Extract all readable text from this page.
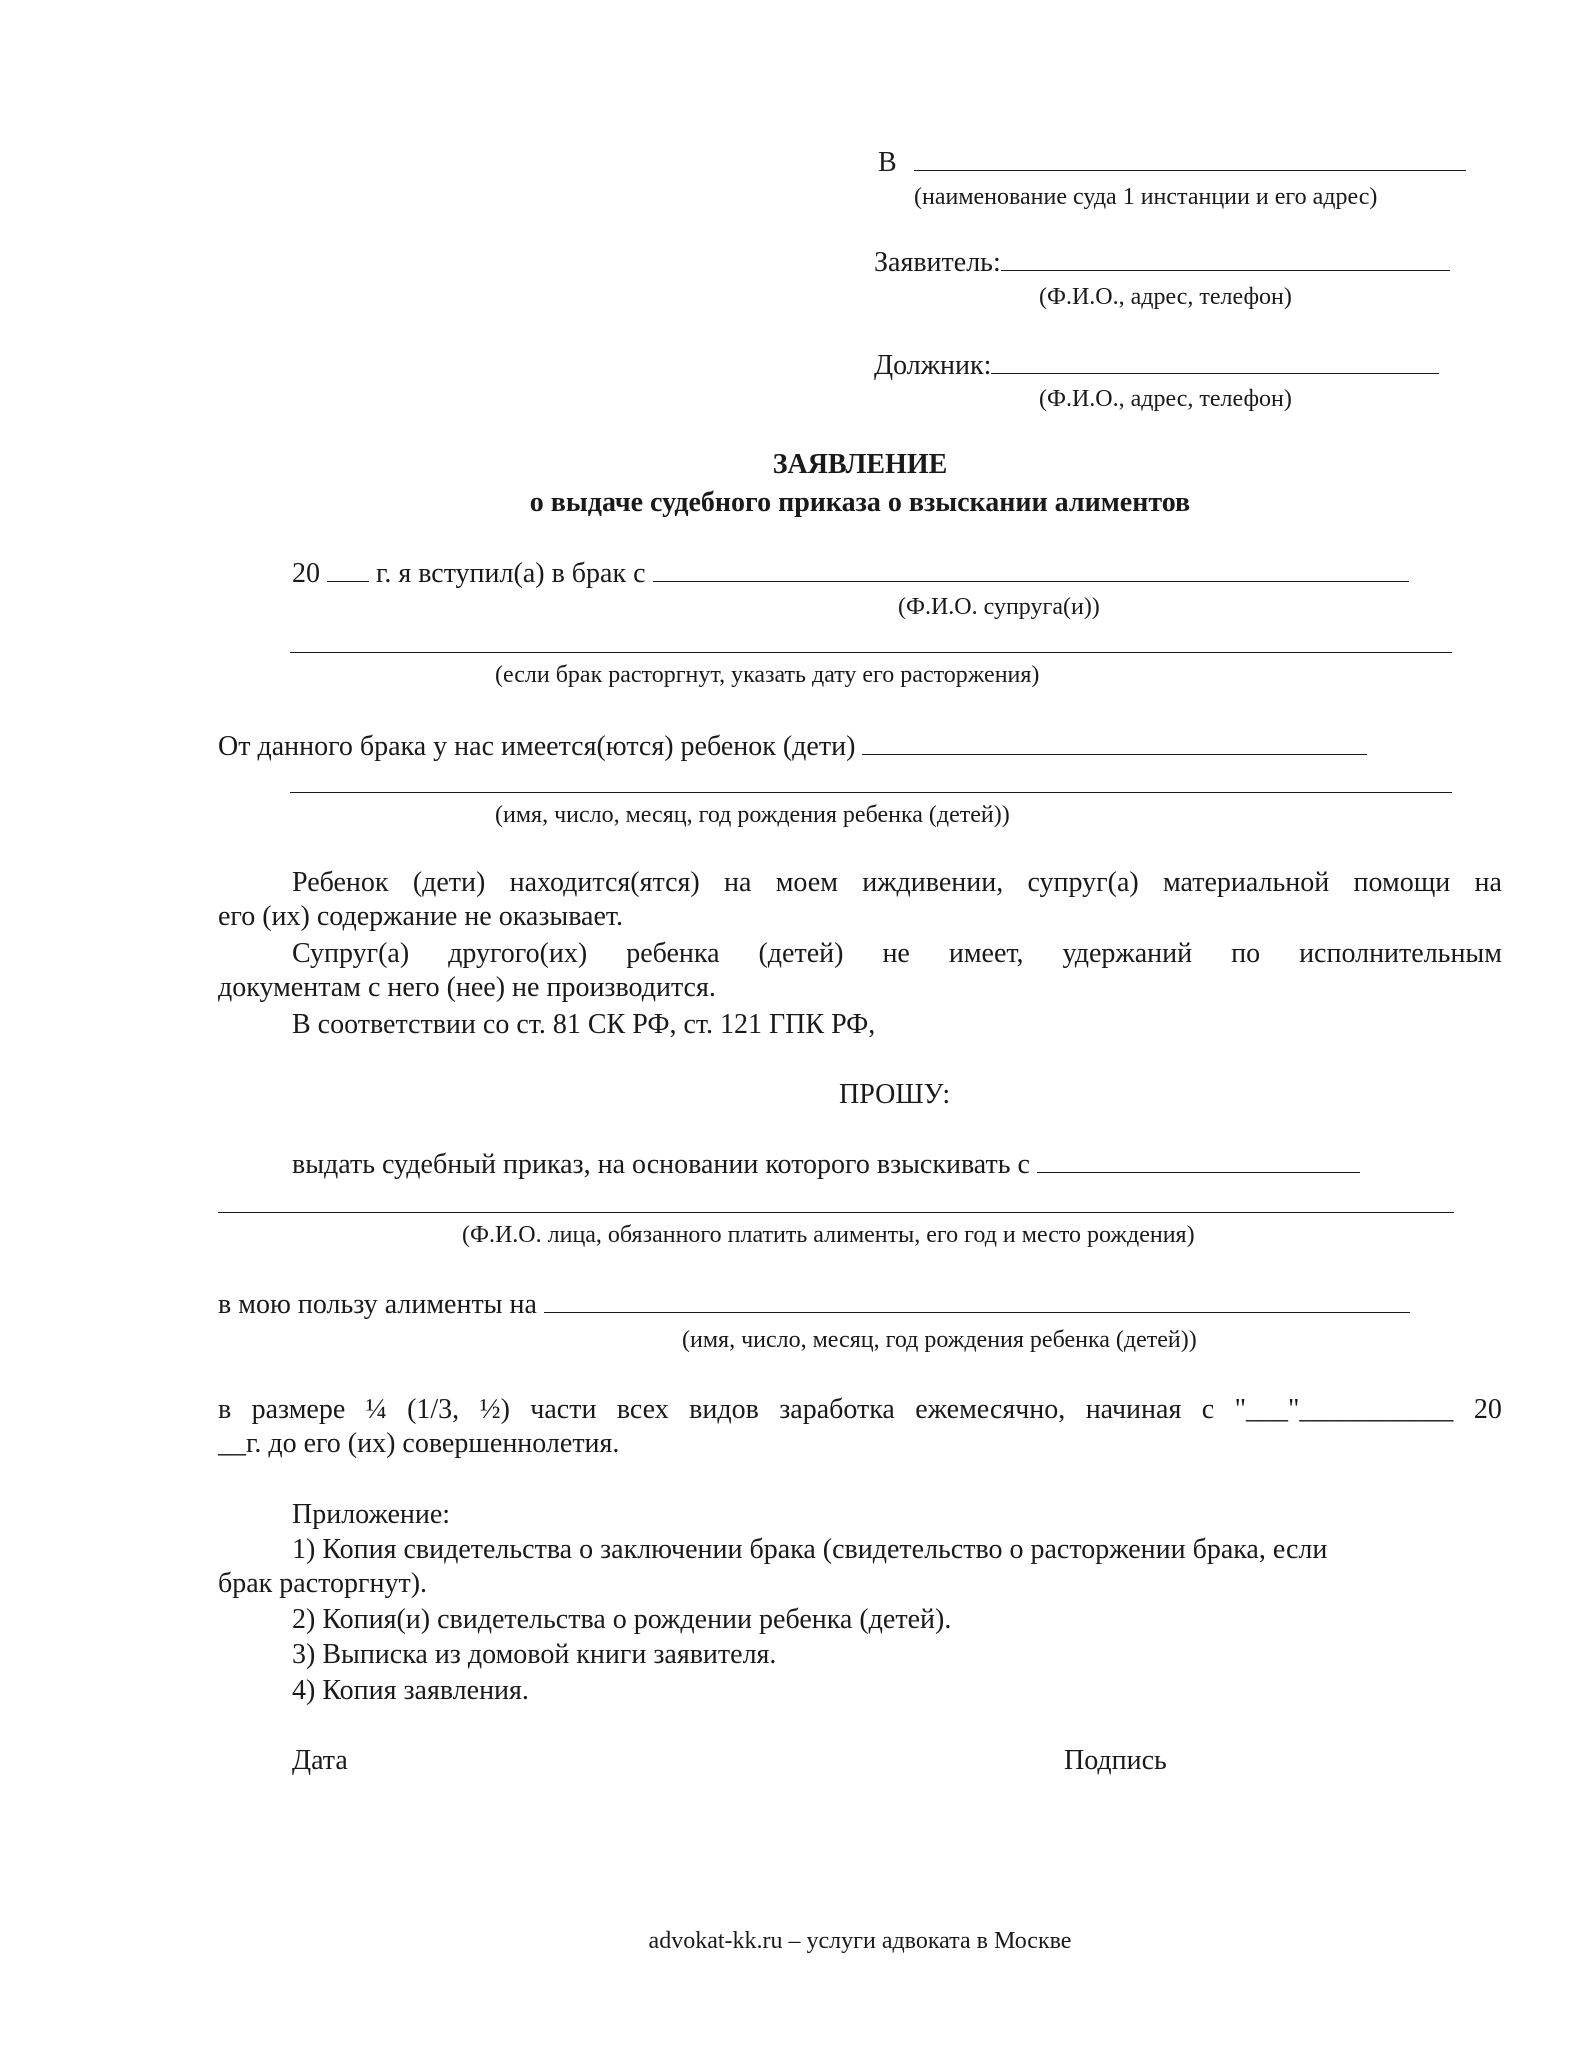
В
(наименование суда 1 инстанции и его адрес)
Заявитель:
(Ф.И.О., адрес, телефон)
Должник:
(Ф.И.О., адрес, телефон)
ЗАЯВЛЕНИЕ
о выдаче судебного приказа о взыскании алиментов
20 г. я вступил(а) в брак с
(Ф.И.О. супруга(и))
(если брак расторгнут, указать дату его расторжения)
От данного брака у нас имеется(ются) ребенок (дети)
(имя, число, месяц, год рождения ребенка (детей))
Ребенок (дети) находится(ятся) на моем иждивении, супруг(а) материальной помощи на
его (их) содержание не оказывает.
Супруг(а) другого(их) ребенка (детей) не имеет, удержаний по исполнительным
документам с него (нее) не производится.
В соответствии со ст. 81 СК РФ, ст. 121 ГПК РФ,
ПРОШУ:
выдать судебный приказ, на основании которого взыскивать с
(Ф.И.О. лица, обязанного платить алименты, его год и место рождения)
в мою пользу алименты на
(имя, число, месяц, год рождения ребенка (детей))
в размере ¼ (1/3, ½) части всех видов заработка ежемесячно, начиная с "___"___________ 20
__г. до его (их) совершеннолетия.
Приложение:
1) Копия свидетельства о заключении брака (свидетельство о расторжении брака, если
брак расторгнут).
2) Копия(и) свидетельства о рождении ребенка (детей).
3) Выписка из домовой книги заявителя.
4) Копия заявления.
Дата	Подпись
advokat-kk.ru – услуги адвоката в Москве
